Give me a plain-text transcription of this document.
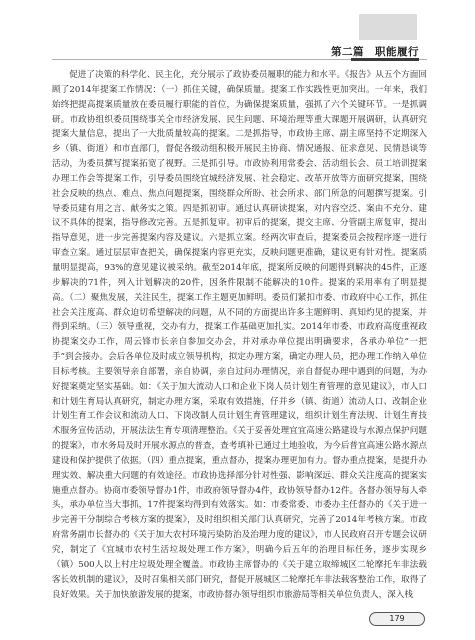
第二篇　职能履行

促进了决策的科学化、民主化，充分展示了政协委员履职的能力和水平。《报告》从五个方面回顾了2014年提案工作情况：（一）抓住关键，确保质量。提案工作实践性更加突出。一年来，我们始终把提高提案质量放在委员履行职能的首位，为确保提案质量，强抓了六个关键环节。一是抓调研。市政协组织委员围绕事关全市经济发展、民生问题、环境治理等重大课题开展调研，认真研究提案大量信息，提出了一大批质量较高的提案。二是抓指导，市政协主席、副主席坚持不定期深入乡（镇、街道）和市直部门，督促各级动组积极开展民主协商、情况通报、征求意见、民情恳谈等活动，为委员撰写提案拓宽了视野。三是抓引导。市政协利用常委会、活动组长会、员工培训提案办理工作会等提案工作，引导委员围绕宜城经济发展、社会稳定、改革开放等方面研究提案，围绕社会反映的热点、难点、焦点问题提案，围绕群众所盼、社会所求、部门所急的问题撰写提案。引导委员建有用之言、献务实之策。四是抓初审。通过认真研读提案，对内容空泛、案由不充分、建议不具体的提案，指导修改完善。五是抓复审。初审后的提案，提交主席、分管副主席复审，提出指导意见，进一步完善提案内容及建议。六是抓立案。经两次审查后，提案委员会按程序逐一进行审查立案。通过层层审查把关，确保提案内容更充实，反映问题更准确，建议更有针对性。提案质量明显提高，93%的意见建议被采纳。截至2014年底，提案所反映的问题得到解决的45件，正逐步解决的71件，列入计划解决的20件，因条件限制不能解决的10件。提案的采用率有了明显提高。（二）聚焦发展，关注民生，提案工作主题更加鲜明。委员们紧扣市委、市政府中心工作，抓住社会关注度高、群众迫切希望解决的问题，从不同的方面提出许多主题鲜明、真知灼见的提案，并得到采纳。（三）领导重视，交办有力，提案工作基础更加扎实。2014年市委、市政府高度重视政协提案交办工作，周云锋市长亲自参加交办会，并对承办单位提出明确要求，各承办单位“一把手”到会接办。会后各单位及时成立领导机构，拟定办理方案，确定办理人员，把办理工作纳入单位目标考核。主要领导亲自部署，亲自协调，亲自过问办理情况，亲自督促办理中遇到的问题，为办好提案奠定坚实基础。如：《关于加大流动人口和企业下岗人员计划生育管理的意见建议》，市人口和计划生育局认真研究，制定办理方案，采取有效措施，仔并乡（镇、街道）流动人口、改制企业计划生育工作会议和流动人口、下岗改制人员计划生育管理建议，组织计划生育法规、计划生育技术服务宣传活动，开展法法生育专项清理整治。《关于妥善处理宜宜高速公路建设与水源点保护问题的提案》，市水务局及时开展水源点的普查，查考填补已通过土地验收，为今后普宜高速公路水源点建设和保护提供了依据。（四）重点提案，重点督办，提案办理更加有力。督办重点提案，是提升办理实效、解决重大问题的有效途径。市政协选择部分针对性强、影响深远、群众关注度高的提案实施重点督办。协商市委领导督办1件，市政府领导督办4件，政协领导督办12件。各督办领导每人牵头，承办单位当大事抓，17件提案均得到有效落实。如：市委常委、市委办主任督办的《关于进一步完善干分制综合考核方案的提案》，及时组织相关部门认真研究，完善了2014年考核方案。市政府常务副市长督办的《关于加大农村环境污染防治及治理力度的建议》，市人民政府召开专题会议研究，制定了《宜城市农村生活垃圾处理工作方案》，明确今后五年的治理目标任务，逐步实现乡（镇）500人以上村庄垃圾处理全覆盖。市政协主席督办的《关于建立取缔城区二轮摩托车非法载客长效机制的建议》，及时召集相关部门研究，督促开展城区二轮摩托车非法载客整治工作，取得了良好效果。关于加快旅游发展的提案，市政协督办领导组织市旅游局等相关单位负责人，深入栈

179
